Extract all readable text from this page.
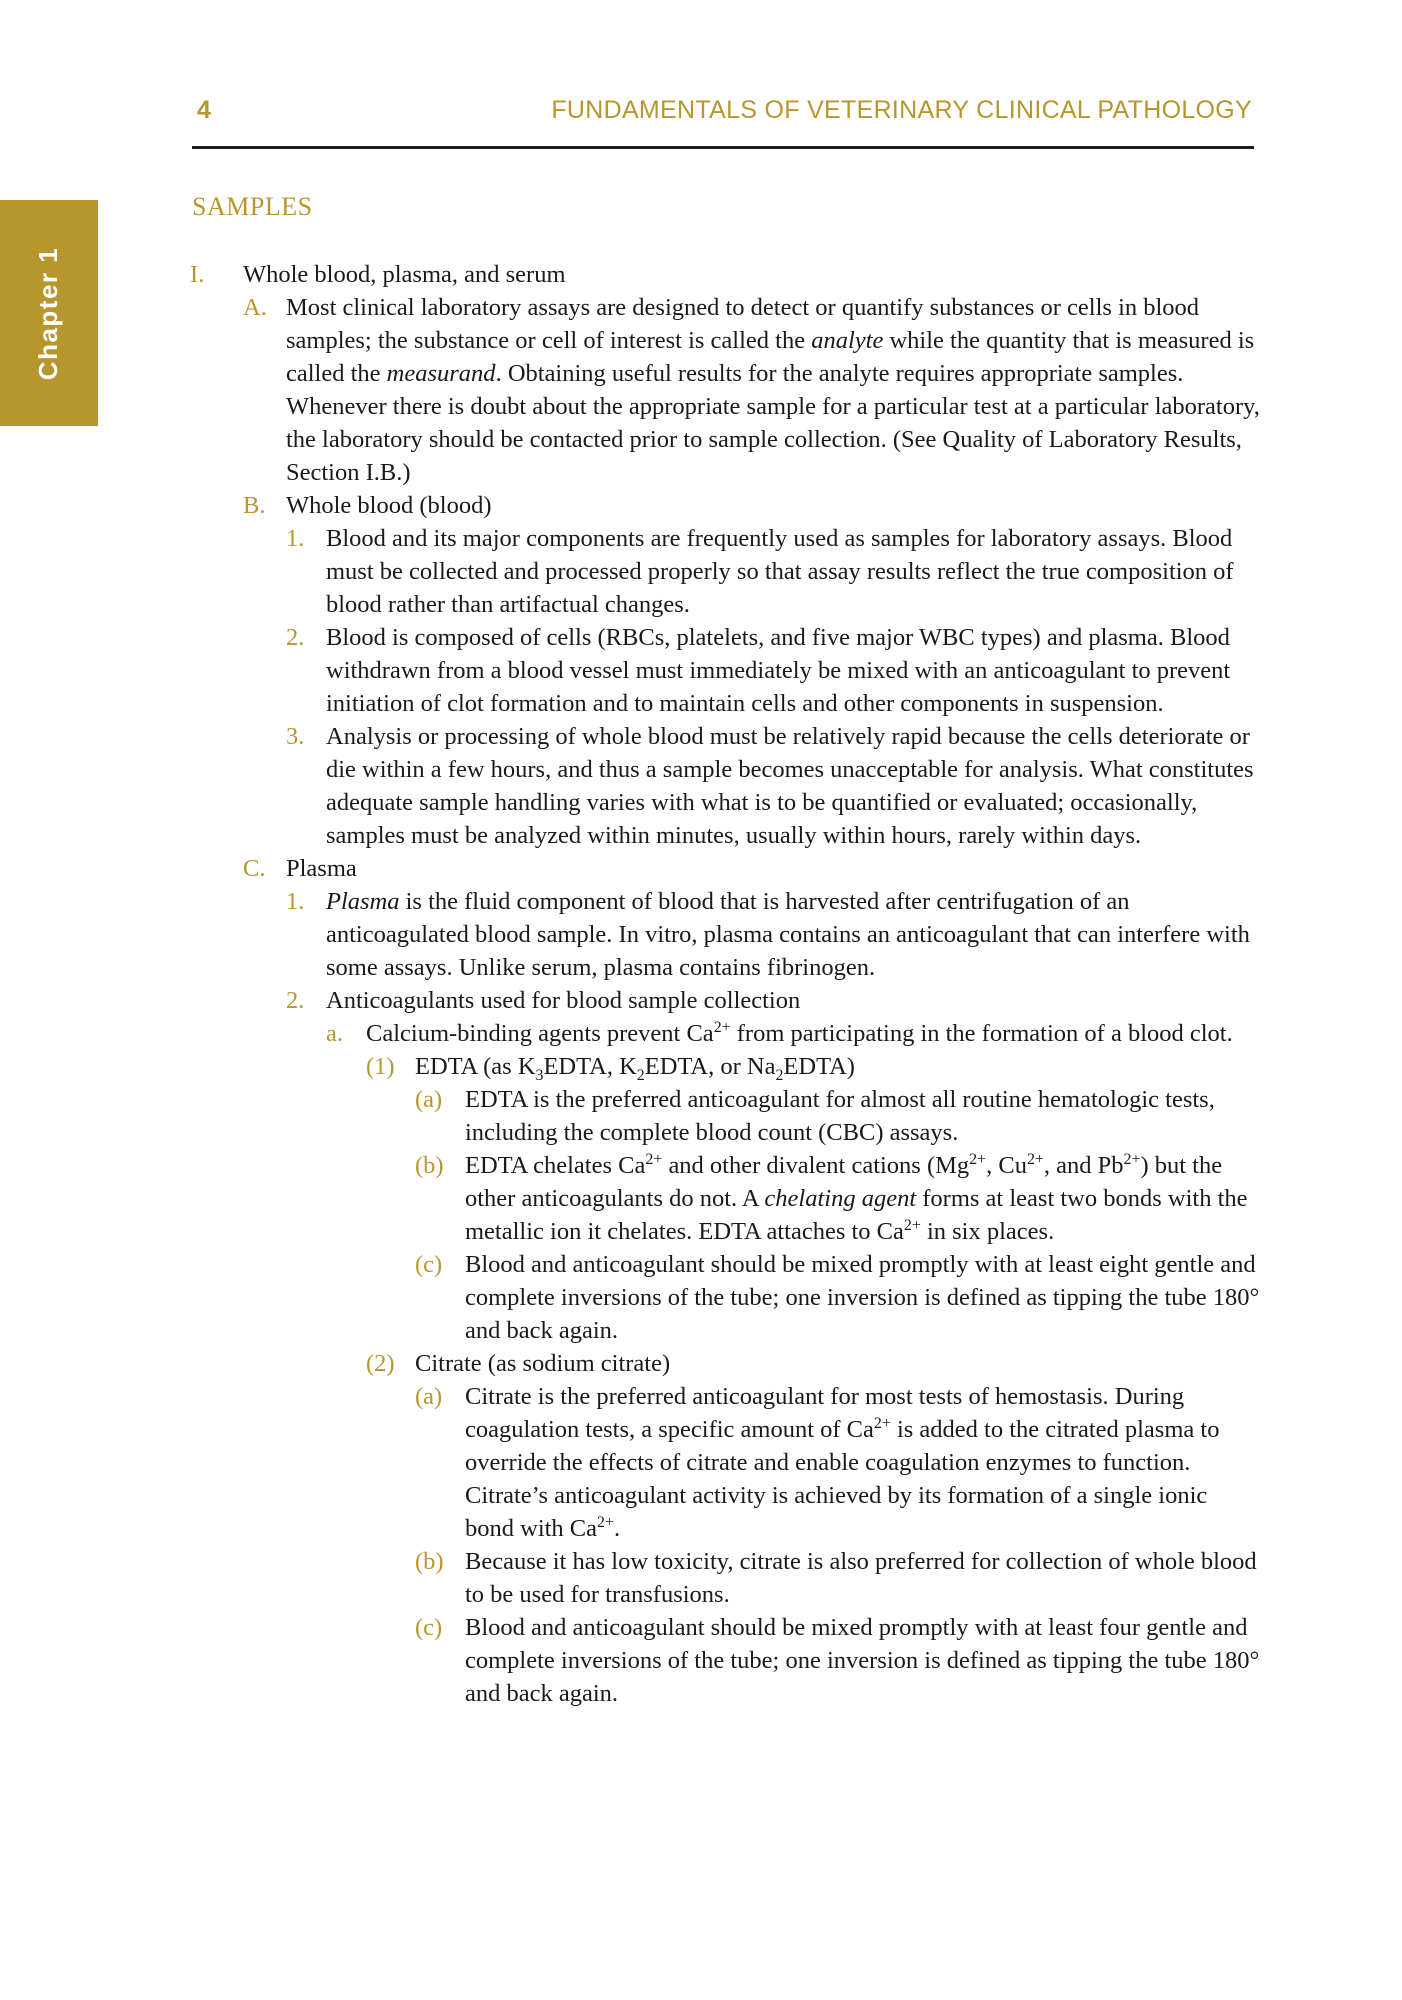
4	FUNDAMENTALS OF VETERINARY CLINICAL PATHOLOGY
Chapter 1
SAMPLES

I. Whole blood, plasma, and serum

A. Most clinical laboratory assays are designed to detect or quantify substances or cells in blood samples; the substance or cell of interest is called the analyte while the quantity that is measured is called the measurand. Obtaining useful results for the analyte requires appropriate samples. Whenever there is doubt about the appropriate sample for a particular test at a particular laboratory, the laboratory should be contacted prior to sample collection. (See Quality of Laboratory Results, Section I.B.)

B. Whole blood (blood)

1. Blood and its major components are frequently used as samples for laboratory assays. Blood must be collected and processed properly so that assay results reflect the true composition of blood rather than artifactual changes.

2. Blood is composed of cells (RBCs, platelets, and five major WBC types) and plasma. Blood withdrawn from a blood vessel must immediately be mixed with an anticoagulant to prevent initiation of clot formation and to maintain cells and other components in suspension.

3. Analysis or processing of whole blood must be relatively rapid because the cells deteriorate or die within a few hours, and thus a sample becomes unacceptable for analysis. What constitutes adequate sample handling varies with what is to be quantified or evaluated; occasionally, samples must be analyzed within minutes, usually within hours, rarely within days.

C. Plasma

1. Plasma is the fluid component of blood that is harvested after centrifugation of an anticoagulated blood sample. In vitro, plasma contains an anticoagulant that can interfere with some assays. Unlike serum, plasma contains fibrinogen.

2. Anticoagulants used for blood sample collection

a. Calcium-binding agents prevent $Ca^{2+}$ from participating in the formation of a blood clot.

(1) EDTA (as $K_3EDTA$, $K_2EDTA$, or $Na_2EDTA$)

(a) EDTA is the preferred anticoagulant for almost all routine hematologic tests, including the complete blood count (CBC) assays.

(b) EDTA chelates $Ca^{2+}$ and other divalent cations ($Mg^{2+}$, $Cu^{2+}$, and $Pb^{2+}$) but the other anticoagulants do not. A chelating agent forms at least two bonds with the metallic ion it chelates. EDTA attaches to $Ca^{2+}$ in six places.

(c) Blood and anticoagulant should be mixed promptly with at least eight gentle and complete inversions of the tube; one inversion is defined as tipping the tube 180° and back again.

(2) Citrate (as sodium citrate)

(a) Citrate is the preferred anticoagulant for most tests of hemostasis. During coagulation tests, a specific amount of $Ca^{2+}$ is added to the citrated plasma to override the effects of citrate and enable coagulation enzymes to function. Citrate’s anticoagulant activity is achieved by its formation of a single ionic bond with $Ca^{2+}$.

(b) Because it has low toxicity, citrate is also preferred for collection of whole blood to be used for transfusions.

(c) Blood and anticoagulant should be mixed promptly with at least four gentle and complete inversions of the tube; one inversion is defined as tipping the tube 180° and back again.
